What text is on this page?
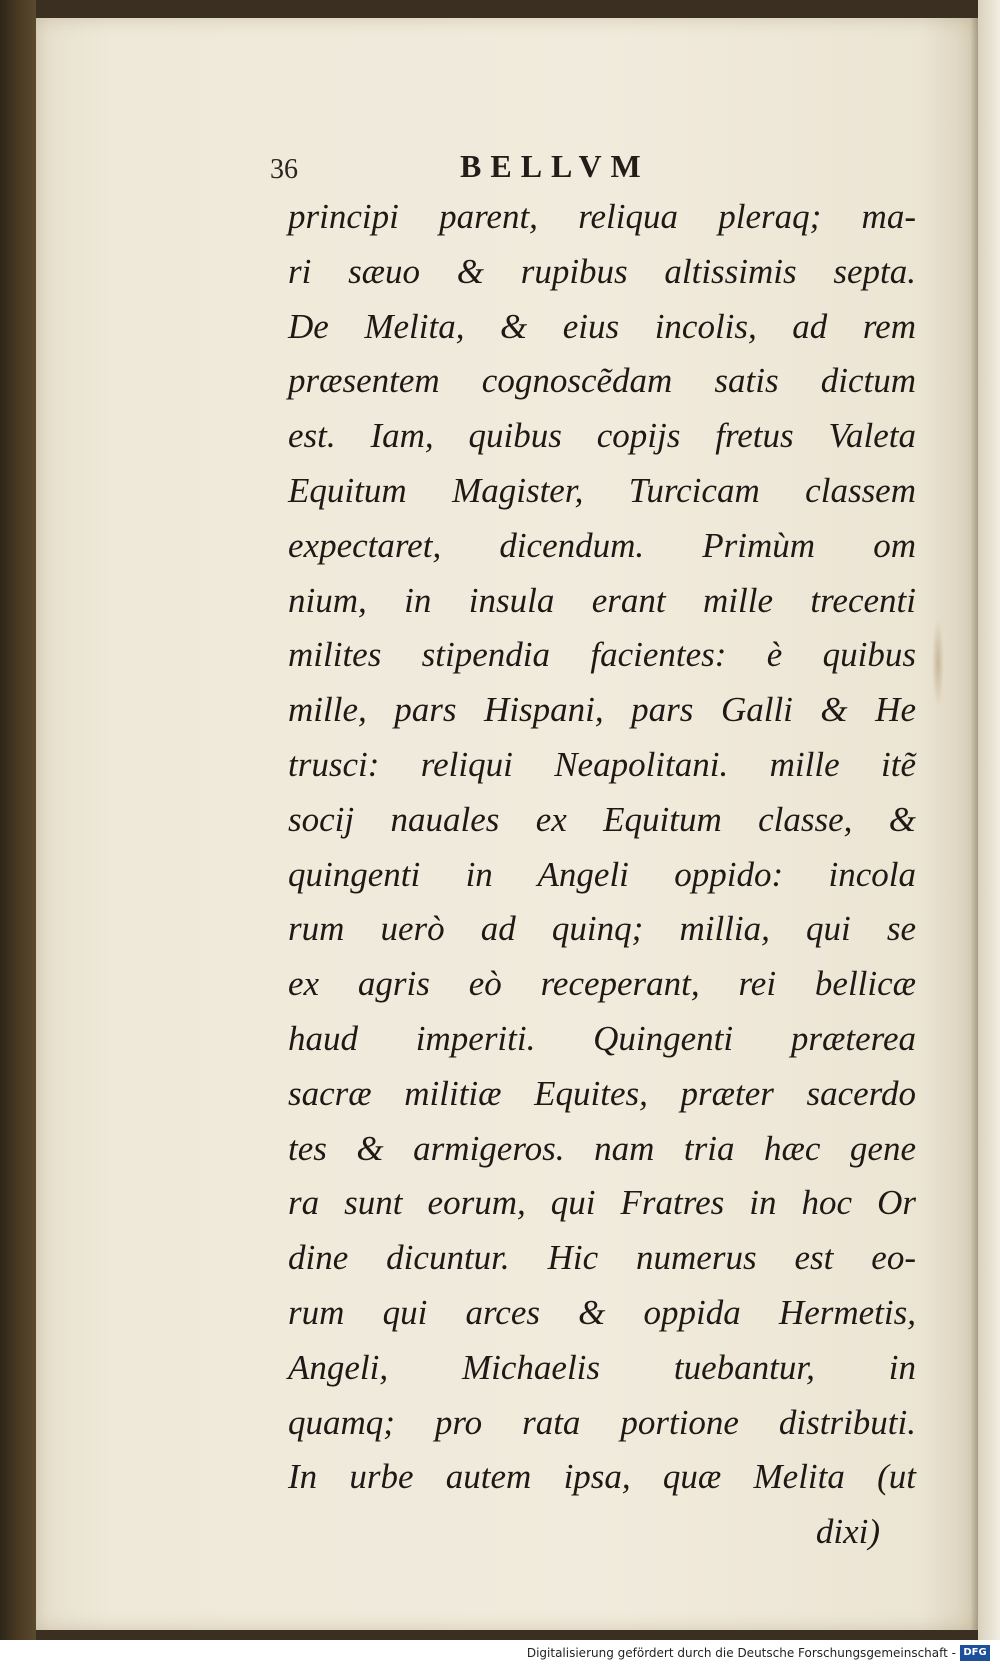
36	BELLVM
principi parent, reliqua pleraq; ma-
ri sæuo & rupibus altissimis septa.
De Melita, & eius incolis, ad rem
præsentem cognoscẽdam satis dictum
est. Iam, quibus copijs fretus Valeta
Equitum Magister, Turcicam classem
expectaret, dicendum. Primùm om
nium, in insula erant mille trecenti
milites stipendia facientes: è quibus
mille, pars Hispani, pars Galli & He
trusci: reliqui Neapolitani. mille itẽ
socij nauales ex Equitum classe, &
quingenti in Angeli oppido: incola
rum uerò ad quinq; millia, qui se
ex agris eò receperant, rei bellicæ
haud imperiti. Quingenti præterea
sacræ militiæ Equites, præter sacerdo
tes & armigeros. nam tria hæc gene
ra sunt eorum, qui Fratres in hoc Or
dine dicuntur. Hic numerus est eo-
rum qui arces & oppida Hermetis,
Angeli, Michaelis tuebantur, in
quamq; pro rata portione distributi.
In urbe autem ipsa, quæ Melita (ut
dixi)
Digitalisierung gefördert durch die Deutsche Forschungsgemeinschaft - DFG
